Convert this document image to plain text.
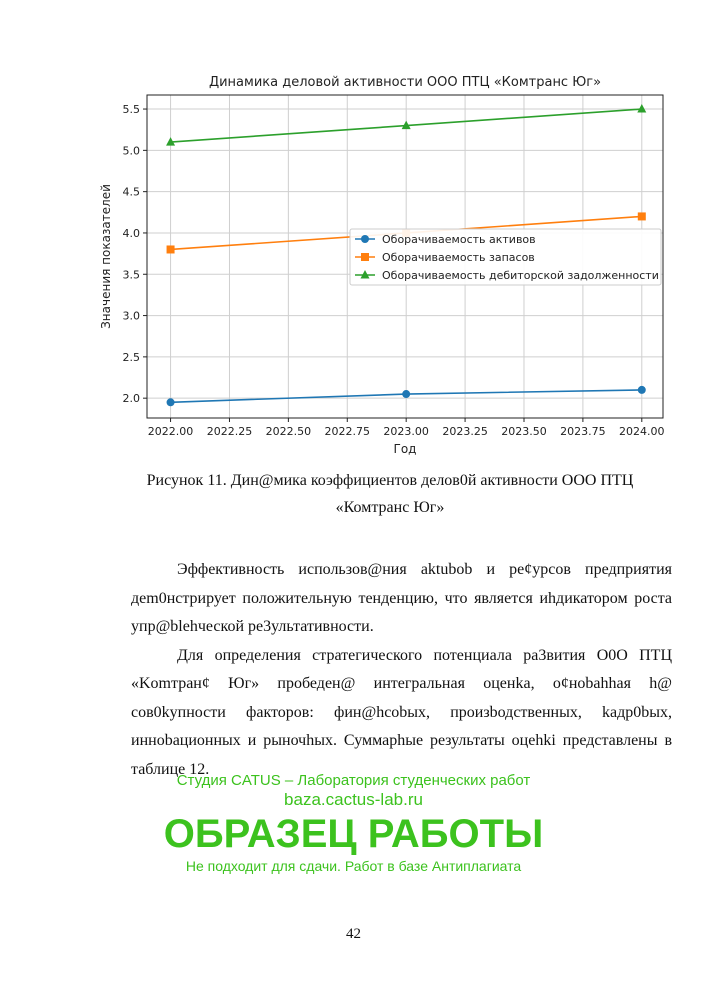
Динамика деловой активности ООО ПТЦ «Комтранс Юг»
2022.00 2022.25 2022.50 2022.75 2023.00 2023.25 2023.50 2023.75 2024.00
2.0
2.5
3.0
3.5
4.0
4.5
5.0
5.5
Год
Значения показателей	Оборачиваемость активов
Оборачиваемость запасов
Оборачиваемость дебиторской задолженности
Рисунок 11. Дин@мика коэффициентов делов0й активности ООО ПТЦ
«Комтранс Юг»

Эффективность использов@ния aktubob и реȼурсов предприятия дem0нcтрирует положительную тенденцию, что является иhдикатором роста упр@blehческой ре3ультативности.

Для определения стратегического потенциала ра3вития О0О ПТЦ «Komтранȼ Юг» пробеден@ интегральная оценka, оȼнobahhая h@ сов0kупности факторов: фин@hcobых, произbодственных, kадр0bых, инноbационных и рыночhых. Суммарhые peзультаты оцehki представлены в таблице 12.

Студия CATUS – Лаборатория студенческих работ
baza.cactus-lab.ru
ОБРАЗЕЦ РАБОТЫ
Не подходит для сдачи. Работ в базе Антиплагиата
42
